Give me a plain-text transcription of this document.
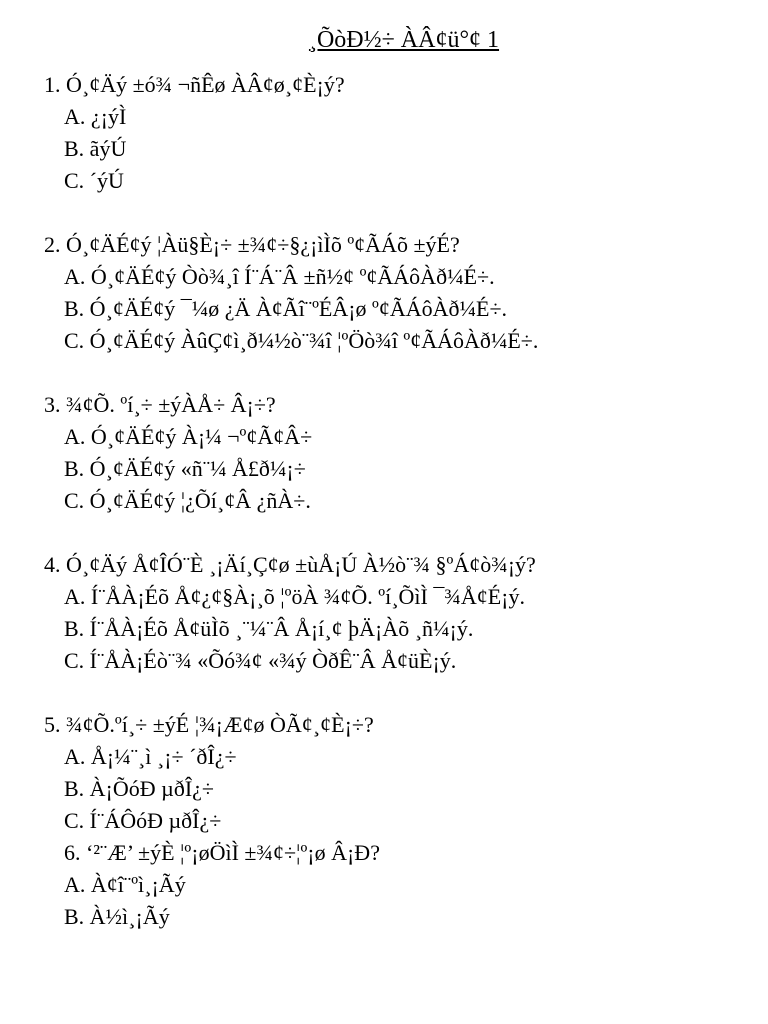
¸ÕòÐ½÷ ÀÂ¢ü°¢ 1
1. Ó¸¢Äý ±ó¾ ¬ñÊø ÀÂ¢ø¸¢È¡ý?
A. ¿¡ýÌ
B. ãýÚ
C. ´ýÚ
2. Ó¸¢ÄÉ¢ý ¦Àü§È¡÷ ±¾¢÷§¿¡ìÌõ º¢ÃÁõ ±ýÉ?
A. Ó¸¢ÄÉ¢ý Òò¾¸î Í¨Á¨Â ±ñ½¢ º¢ÃÁôÀð¼É÷.
B. Ó¸¢ÄÉ¢ý ¯¼ø ¿Ä À¢Ãî¨ºÉÂ¡ø º¢ÃÁôÀð¼É÷.
C. Ó¸¢ÄÉ¢ý ÀûÇ¢ì¸ð¼½ò¨¾î ¦ºÖò¾î º¢ÃÁôÀð¼É÷.
3. ¾¢Õ. ºí¸÷ ±ýÀÅ÷ Â¡÷?
A. Ó¸¢ÄÉ¢ý À¡¼ ¬º¢Ã¢Â÷
B. Ó¸¢ÄÉ¢ý «ñ¨¼ Å£ð¼¡÷
C. Ó¸¢ÄÉ¢ý ¦¿Õí¸¢Â ¿ñÀ÷.
4. Ó¸¢Äý Å¢ÎÓ¨È ¸¡Äí¸Ç¢ø ±ùÅ¡Ú À½ò¨¾ §ºÁ¢ò¾¡ý?
A. Í¨ÅÀ¡Éõ Å¢¿¢§À¡¸õ ¦ºöÀ ¾¢Õ. ºí¸ÕìÌ ¯¾Å¢É¡ý.
B. Í¨ÅÀ¡Éõ Å¢üÌõ ¸¨¼¨Â Å¡í¸¢ þÄ¡Àõ ¸ñ¼¡ý.
C. Í¨ÅÀ¡Éò¨¾ «Õó¾¢ «¾ý ÒðÊ¨Â Å¢üÈ¡ý.
5. ¾¢Õ.ºí¸÷ ±ýÉ ¦¾¡Æ¢ø ÒÃ¢¸¢È¡÷?
A. Å¡¼¨¸ì ¸¡÷ ´ðÎ¿÷
B. À¡ÕóÐ µðÎ¿÷
C. Í¨ÁÔóÐ µðÎ¿÷
6. ‘²¨Æ’ ±ýÈ ¦º¡øÖìÌ ±¾¢÷¦º¡ø Â¡Ð?
A. À¢î¨ºì¸¡Ãý
B. À½ì¸¡Ãý
